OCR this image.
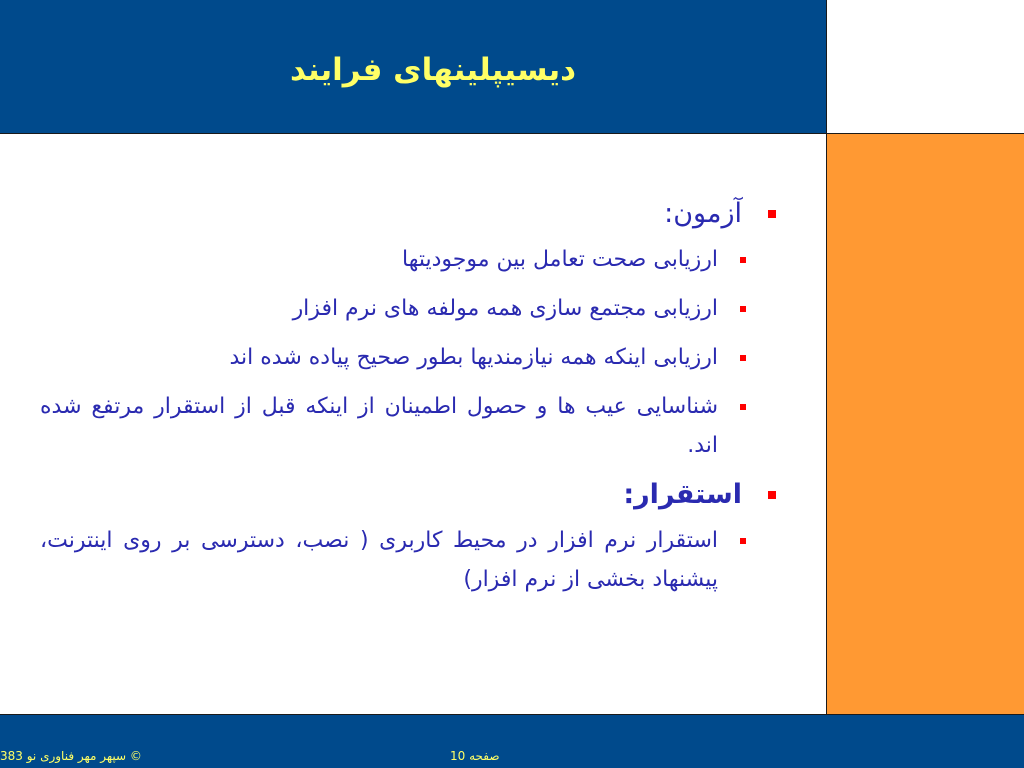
دیسیپلینهای فرایند
آزمون:
ارزیابی صحت تعامل بین موجودیتها
ارزیابی مجتمع سازی همه مولفه های نرم افزار
ارزیابی اینکه همه نیازمندیها بطور صحیح پیاده شده اند
شناسایی عیب ها و حصول اطمینان از اینکه قبل از استقرار مرتفع شده اند.
استقرار:
استقرار نرم افزار در محیط کاربری ( نصب، دسترسی بر روی اینترنت، پیشنهاد بخشی از نرم افزار)
© سپهر مهر فناوری نو 383	صفحه 10
